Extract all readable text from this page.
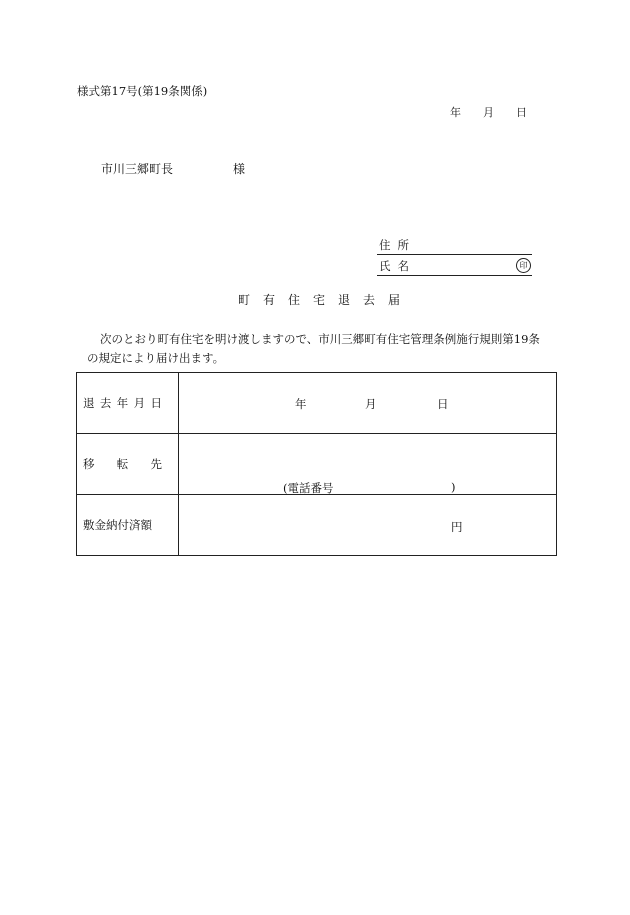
様式第17号(第19条関係)
年 月 日
市川三郷町長	様
住所
氏名	印
町有住宅退去届
次のとおり町有住宅を明け渡しますので、市川三郷町有住宅管理条例施行規則第19条
の規定により届け出ます。
退 去 年 月 日	年 月 日

移 転 先	(電話番号 )

敷金納付済額	円
